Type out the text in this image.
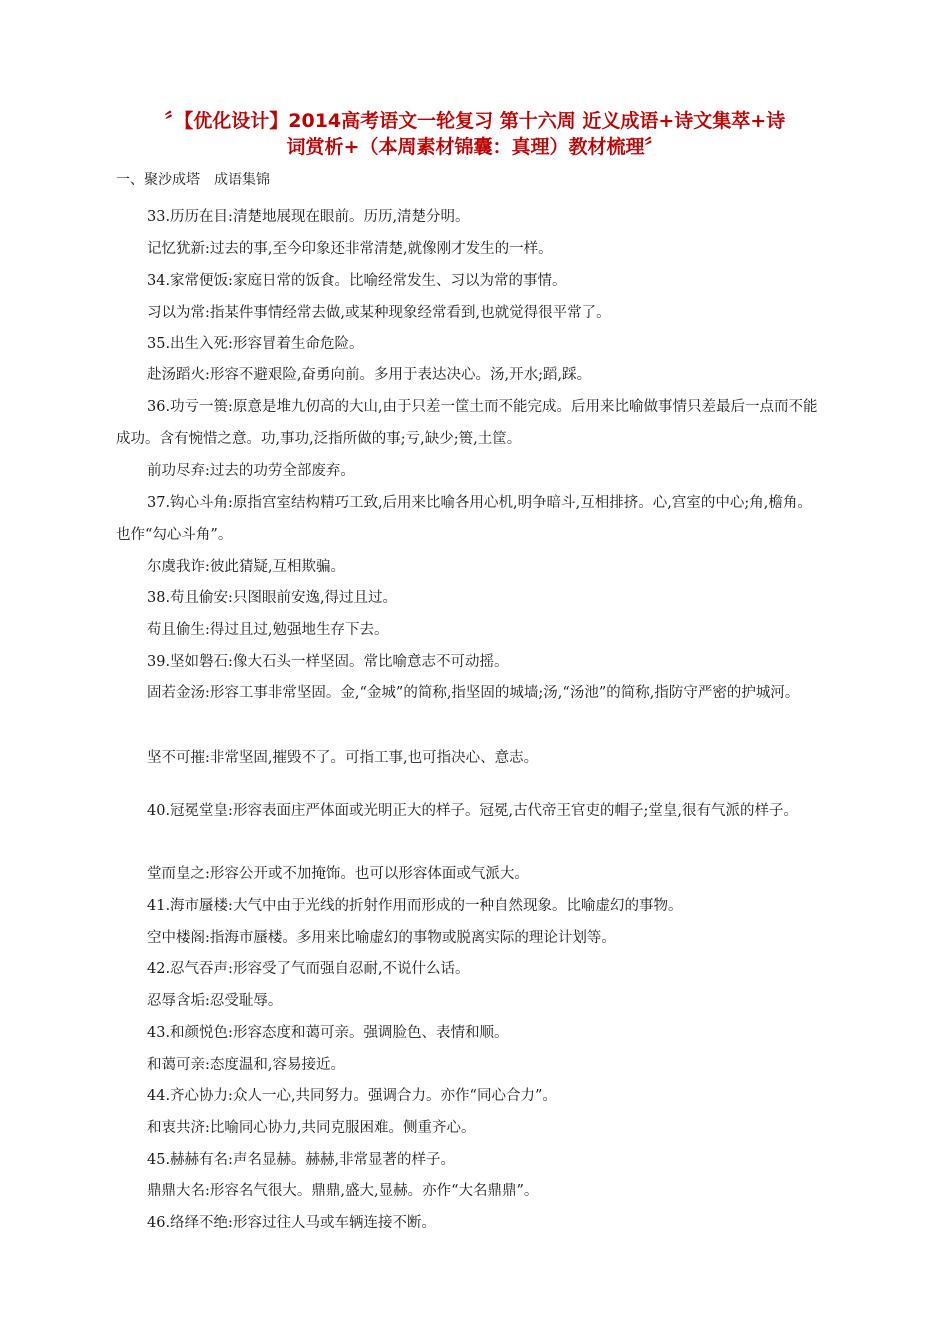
〞【优化设计】2014高考语文一轮复习 第十六周 近义成语+诗文集萃+诗
词赏析+（本周素材锦囊：真理）教材梳理〞
一、聚沙成塔　成语集锦

33.历历在目:清楚地展现在眼前。历历,清楚分明。

记忆犹新:过去的事,至今印象还非常清楚,就像刚才发生的一样。

34.家常便饭:家庭日常的饭食。比喻经常发生、习以为常的事情。

习以为常:指某件事情经常去做,或某种现象经常看到,也就觉得很平常了。

35.出生入死:形容冒着生命危险。

赴汤蹈火:形容不避艰险,奋勇向前。多用于表达决心。汤,开水;蹈,踩。

36.功亏一篑:原意是堆九仞高的大山,由于只差一筐土而不能完成。后用来比喻做事情只差最后一点而不能成功。含有惋惜之意。功,事功,泛指所做的事;亏,缺少;篑,土筐。

前功尽弃:过去的功劳全部废弃。

37.钩心斗角:原指宫室结构精巧工致,后用来比喻各用心机,明争暗斗,互相排挤。心,宫室的中心;角,檐角。也作“勾心斗角”。

尔虞我诈:彼此猜疑,互相欺骗。

38.苟且偷安:只图眼前安逸,得过且过。

苟且偷生:得过且过,勉强地生存下去。

39.坚如磐石:像大石头一样坚固。常比喻意志不可动摇。

固若金汤:形容工事非常坚固。金,“金城”的简称,指坚固的城墙;汤,“汤池”的简称,指防守严密的护城河。

坚不可摧:非常坚固,摧毁不了。可指工事,也可指决心、意志。

40.冠冕堂皇:形容表面庄严体面或光明正大的样子。冠冕,古代帝王官吏的帽子;堂皇,很有气派的样子。

堂而皇之:形容公开或不加掩饰。也可以形容体面或气派大。

41.海市蜃楼:大气中由于光线的折射作用而形成的一种自然现象。比喻虚幻的事物。

空中楼阁:指海市蜃楼。多用来比喻虚幻的事物或脱离实际的理论计划等。

42.忍气吞声:形容受了气而强自忍耐,不说什么话。

忍辱含垢:忍受耻辱。

43.和颜悦色:形容态度和蔼可亲。强调脸色、表情和顺。

和蔼可亲:态度温和,容易接近。

44.齐心协力:众人一心,共同努力。强调合力。亦作“同心合力”。

和衷共济:比喻同心协力,共同克服困难。侧重齐心。

45.赫赫有名:声名显赫。赫赫,非常显著的样子。

鼎鼎大名:形容名气很大。鼎鼎,盛大,显赫。亦作“大名鼎鼎”。

46.络绎不绝:形容过往人马或车辆连接不断。
